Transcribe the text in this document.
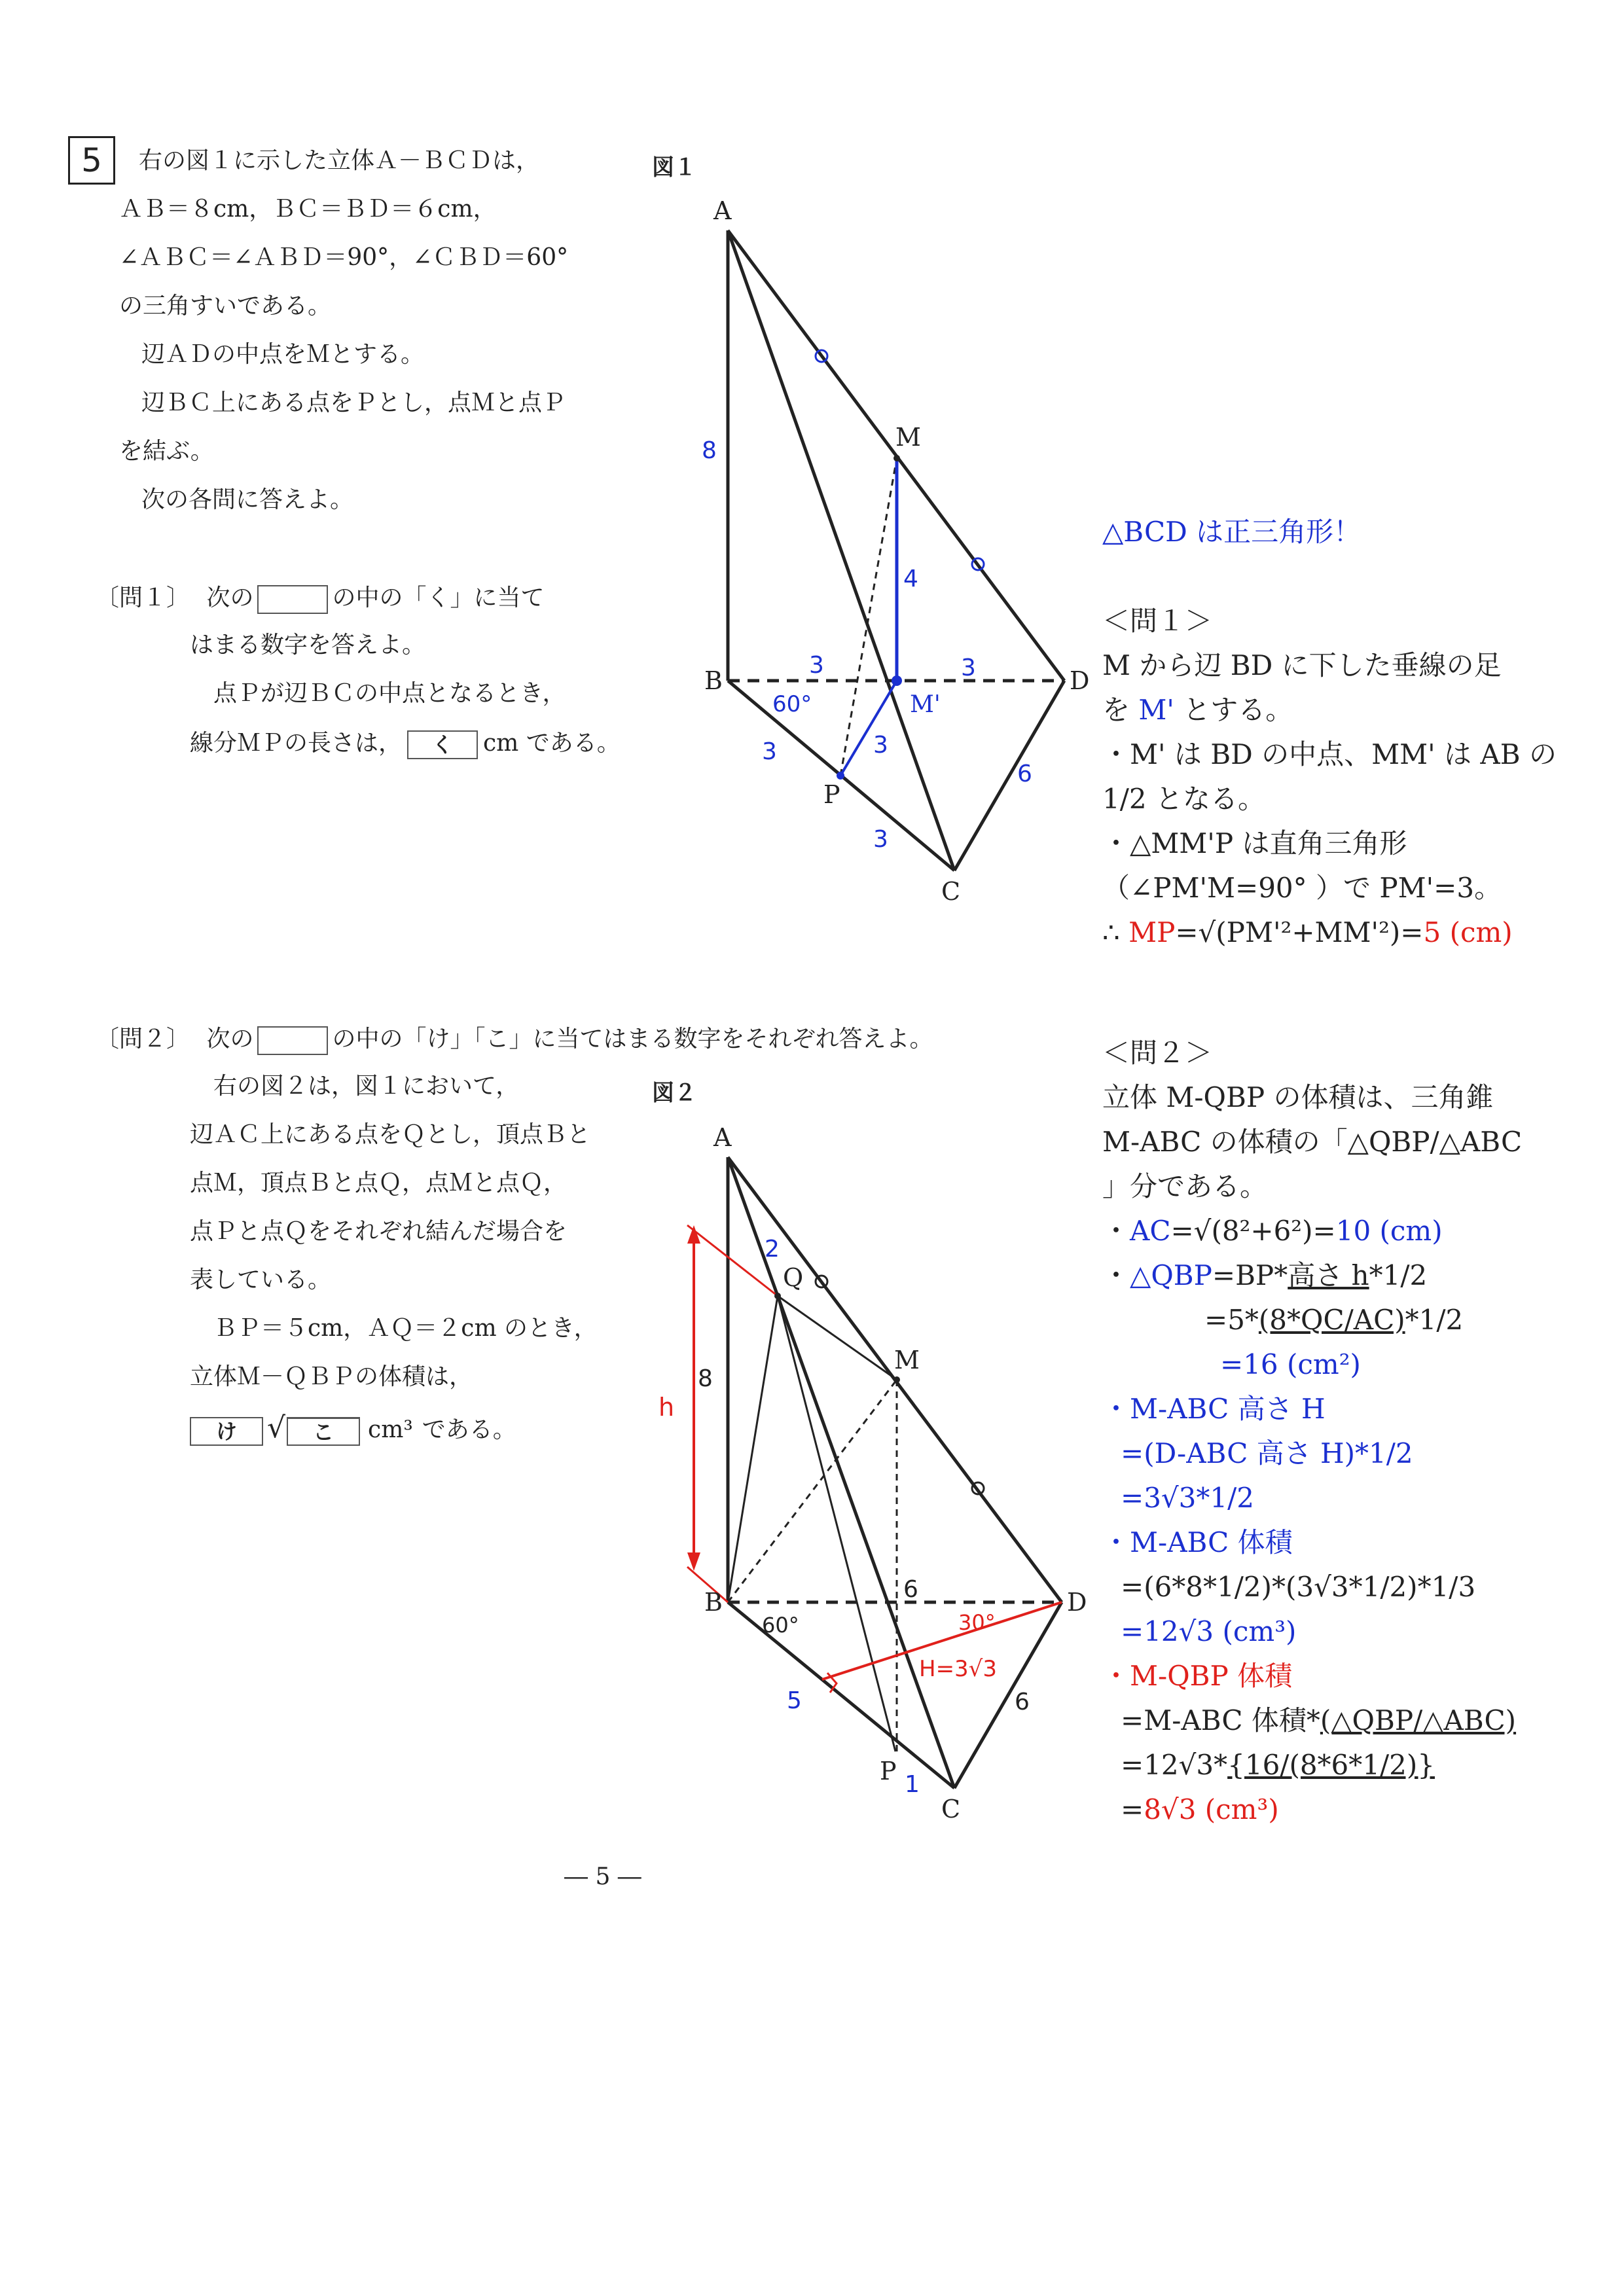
5	右の図１に示した立体Ａ－ＢＣＤは，
ＡＢ＝８cm，ＢＣ＝ＢＤ＝６cm，
∠ＡＢＣ＝∠ＡＢＤ＝90°，∠ＣＢＤ＝60°
の三角すいである。
辺ＡＤの中点をＭとする。
辺ＢＣ上にある点をＰとし，点Ｍと点Ｐ
を結ぶ。
次の各問に答えよ。
〔問１〕 次の	の中の「く」に当て
はまる数字を答えよ。
点Ｐが辺ＢＣの中点となるとき，
線分ＭＰの長さは， く cm である。
〔問２〕 次の	の中の「け」「こ」に当てはまる数字をそれぞれ答えよ。
右の図２は，図１において，
辺ＡＣ上にある点をＱとし，頂点Ｂと
点Ｍ，頂点Ｂと点Ｑ，点Ｍと点Ｑ，
点Ｐと点Ｑをそれぞれ結んだ場合を
表している。
ＢＰ＝５cm，ＡＱ＝２cm のとき，
立体Ｍ－ＱＢＰの体積は，
け √ こ cm³ である。
図１
A
B
C
D
M
P
M'
8
4
3	3
60°
3	3
3
6
△BCD は正三角形！
＜問１＞
M から辺 BD に下した垂線の足
を M' とする。
・M' は BD の中点、MM' は AB の
1/2 となる。
・△MM'P は直角三角形
（∠PM'M=90° ）で PM'=3。
∴ MP=√(PM'²+MM'²)=5 (cm)
図２
A
B
C
D
M
P
Q
2
8
h
6
60°	30°
H=3√3
5
1
6
＜問２＞
立体 M-QBP の体積は、三角錐
M-ABC の体積の「△QBP/△ABC
」分である。
・AC=√(8²+6²)=10 (cm)
・△QBP=BP*高さ h*1/2
=5*(8*QC/AC)*1/2
=16 (cm²)
・M-ABC 高さ H
=(D-ABC 高さ H)*1/2
=3√3*1/2
・M-ABC 体積
=(6*8*1/2)*(3√3*1/2)*1/3
=12√3 (cm³)
・M-QBP 体積
=M-ABC 体積*(△QBP/△ABC)
=12√3*{16/(8*6*1/2)}
=8√3 (cm³)
― 5 ―
